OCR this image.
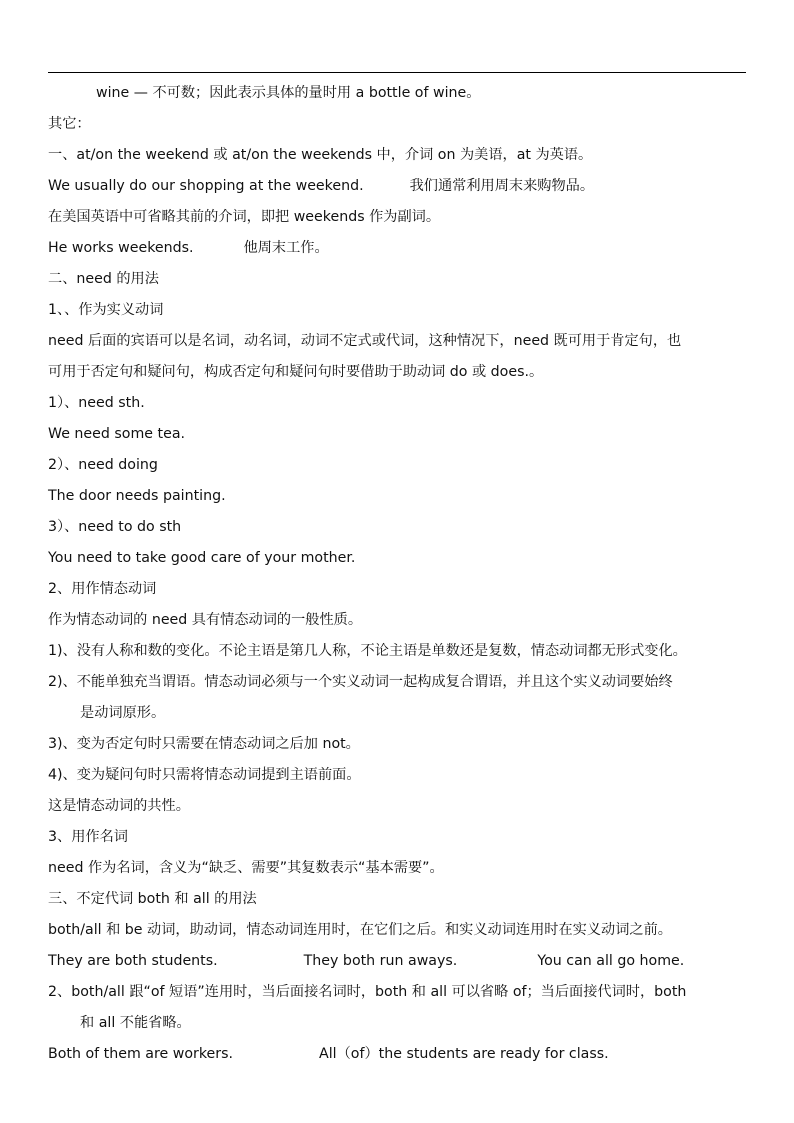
wine — 不可数；因此表示具体的量时用 a bottle of wine。
其它：
一、at/on the weekend 或 at/on the weekends 中，介词 on 为美语，at 为英语。
We usually do our shopping at the weekend.	我们通常利用周末来购物品。
在美国英语中可省略其前的介词，即把 weekends 作为副词。
He works weekends.	他周末工作。
二、need 的用法
1、、作为实义动词
need 后面的宾语可以是名词，动名词，动词不定式或代词，这种情况下，need 既可用于肯定句，也
可用于否定句和疑问句，构成否定句和疑问句时要借助于助动词 do 或 does.。
1）、need sth.
We need some tea.
2）、need doing
The door needs painting.
3）、need to do sth
You need to take good care of your mother.
2、用作情态动词
作为情态动词的 need 具有情态动词的一般性质。
1)、没有人称和数的变化。不论主语是第几人称，不论主语是单数还是复数，情态动词都无形式变化。
2)、不能单独充当谓语。情态动词必须与一个实义动词一起构成复合谓语，并且这个实义动词要始终
是动词原形。
3)、变为否定句时只需要在情态动词之后加 not。
4)、变为疑问句时只需将情态动词提到主语前面。
这是情态动词的共性。
3、用作名词
need 作为名词，含义为“缺乏、需要”其复数表示“基本需要”。
三、不定代词 both 和 all 的用法
both/all 和 be 动词，助动词，情态动词连用时，在它们之后。和实义动词连用时在实义动词之前。
They are both students.	They both run aways.	You can all go home.
2、both/all 跟“of 短语”连用时，当后面接名词时，both 和 all 可以省略 of；当后面接代词时，both
和 all 不能省略。
Both of them are workers.	All（of）the students are ready for class.
